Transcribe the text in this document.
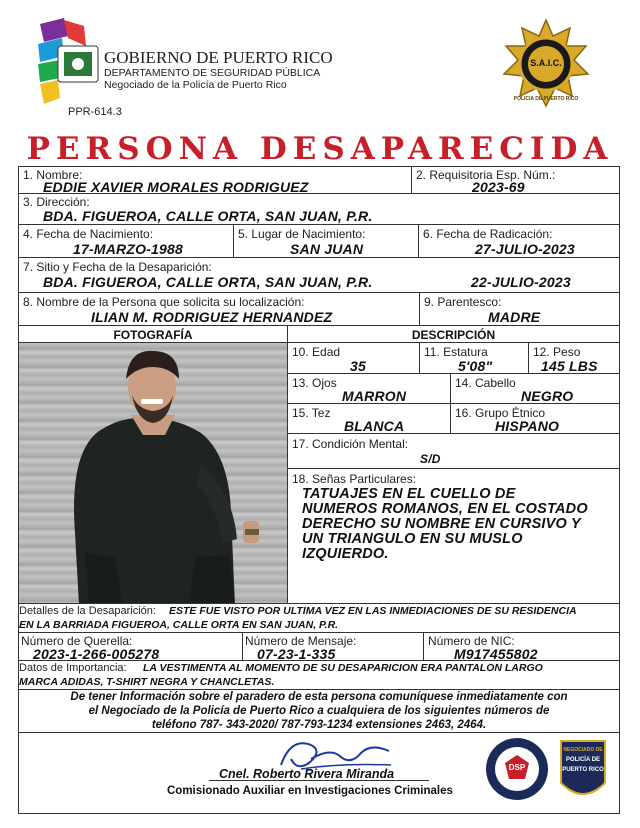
GOBIERNO DE PUERTO RICO
DEPARTAMENTO DE SEGURIDAD PÚBLICA
Negociado de la Policía de Puerto Rico
PPR-614.3
S.A.I.C.
POLICIA DE PUERTO RICO
PERSONA DESAPARECIDA
1. Nombre:
EDDIE XAVIER MORALES RODRIGUEZ
2. Requisitoria Esp. Núm.:
2023-69
3. Dirección:
BDA. FIGUEROA, CALLE ORTA, SAN JUAN, P.R.
4. Fecha de Nacimiento:
17-MARZO-1988
5. Lugar de Nacimiento:
SAN JUAN
6. Fecha de Radicación:
27-JULIO-2023
7. Sitio y Fecha de la Desaparición:
BDA. FIGUEROA, CALLE ORTA, SAN JUAN, P.R.	22-JULIO-2023
8. Nombre de la Persona que solicita su localización:
ILIAN M. RODRIGUEZ HERNANDEZ
9. Parentesco:
MADRE
FOTOGRAFÍA	DESCRIPCIÓN
10. Edad
35
11. Estatura
5'08"
12. Peso
145 LBS
13. Ojos
MARRON
14. Cabello
NEGRO
15. Tez
BLANCA
16. Grupo Étnico
HISPANO
17. Condición Mental:
S/D
18. Señas Particulares:
TATUAJES EN EL CUELLO DE
NUMEROS ROMANOS, EN EL COSTADO
DERECHO SU NOMBRE EN CURSIVO Y
UN TRIANGULO EN SU MUSLO
IZQUIERDO.
Detalles de la Desaparición: ESTE FUE VISTO POR ULTIMA VEZ EN LAS INMEDIACIONES DE SU RESIDENCIA
EN LA BARRIADA FIGUEROA, CALLE ORTA EN SAN JUAN, P.R.
Número de Querella:
2023-1-266-005278
Número de Mensaje:
07-23-1-335
Número de NIC:
M917455802
Datos de Importancia: LA VESTIMENTA AL MOMENTO DE SU DESAPARICION ERA PANTALON LARGO
MARCA ADIDAS, T-SHIRT NEGRA Y CHANCLETAS.
De tener Información sobre el paradero de esta persona comuníquese inmediatamente con
el Negociado de la Policía de Puerto Rico a cualquiera de los siguientes números de
teléfono 787- 343-2020/ 787-793-1234 extensiones 2463, 2464.
Cnel. Roberto Rivera Miranda
Comisionado Auxiliar en Investigaciones Criminales
DSP
NEGOCIADO DE
POLICÍA DE
PUERTO RICO
